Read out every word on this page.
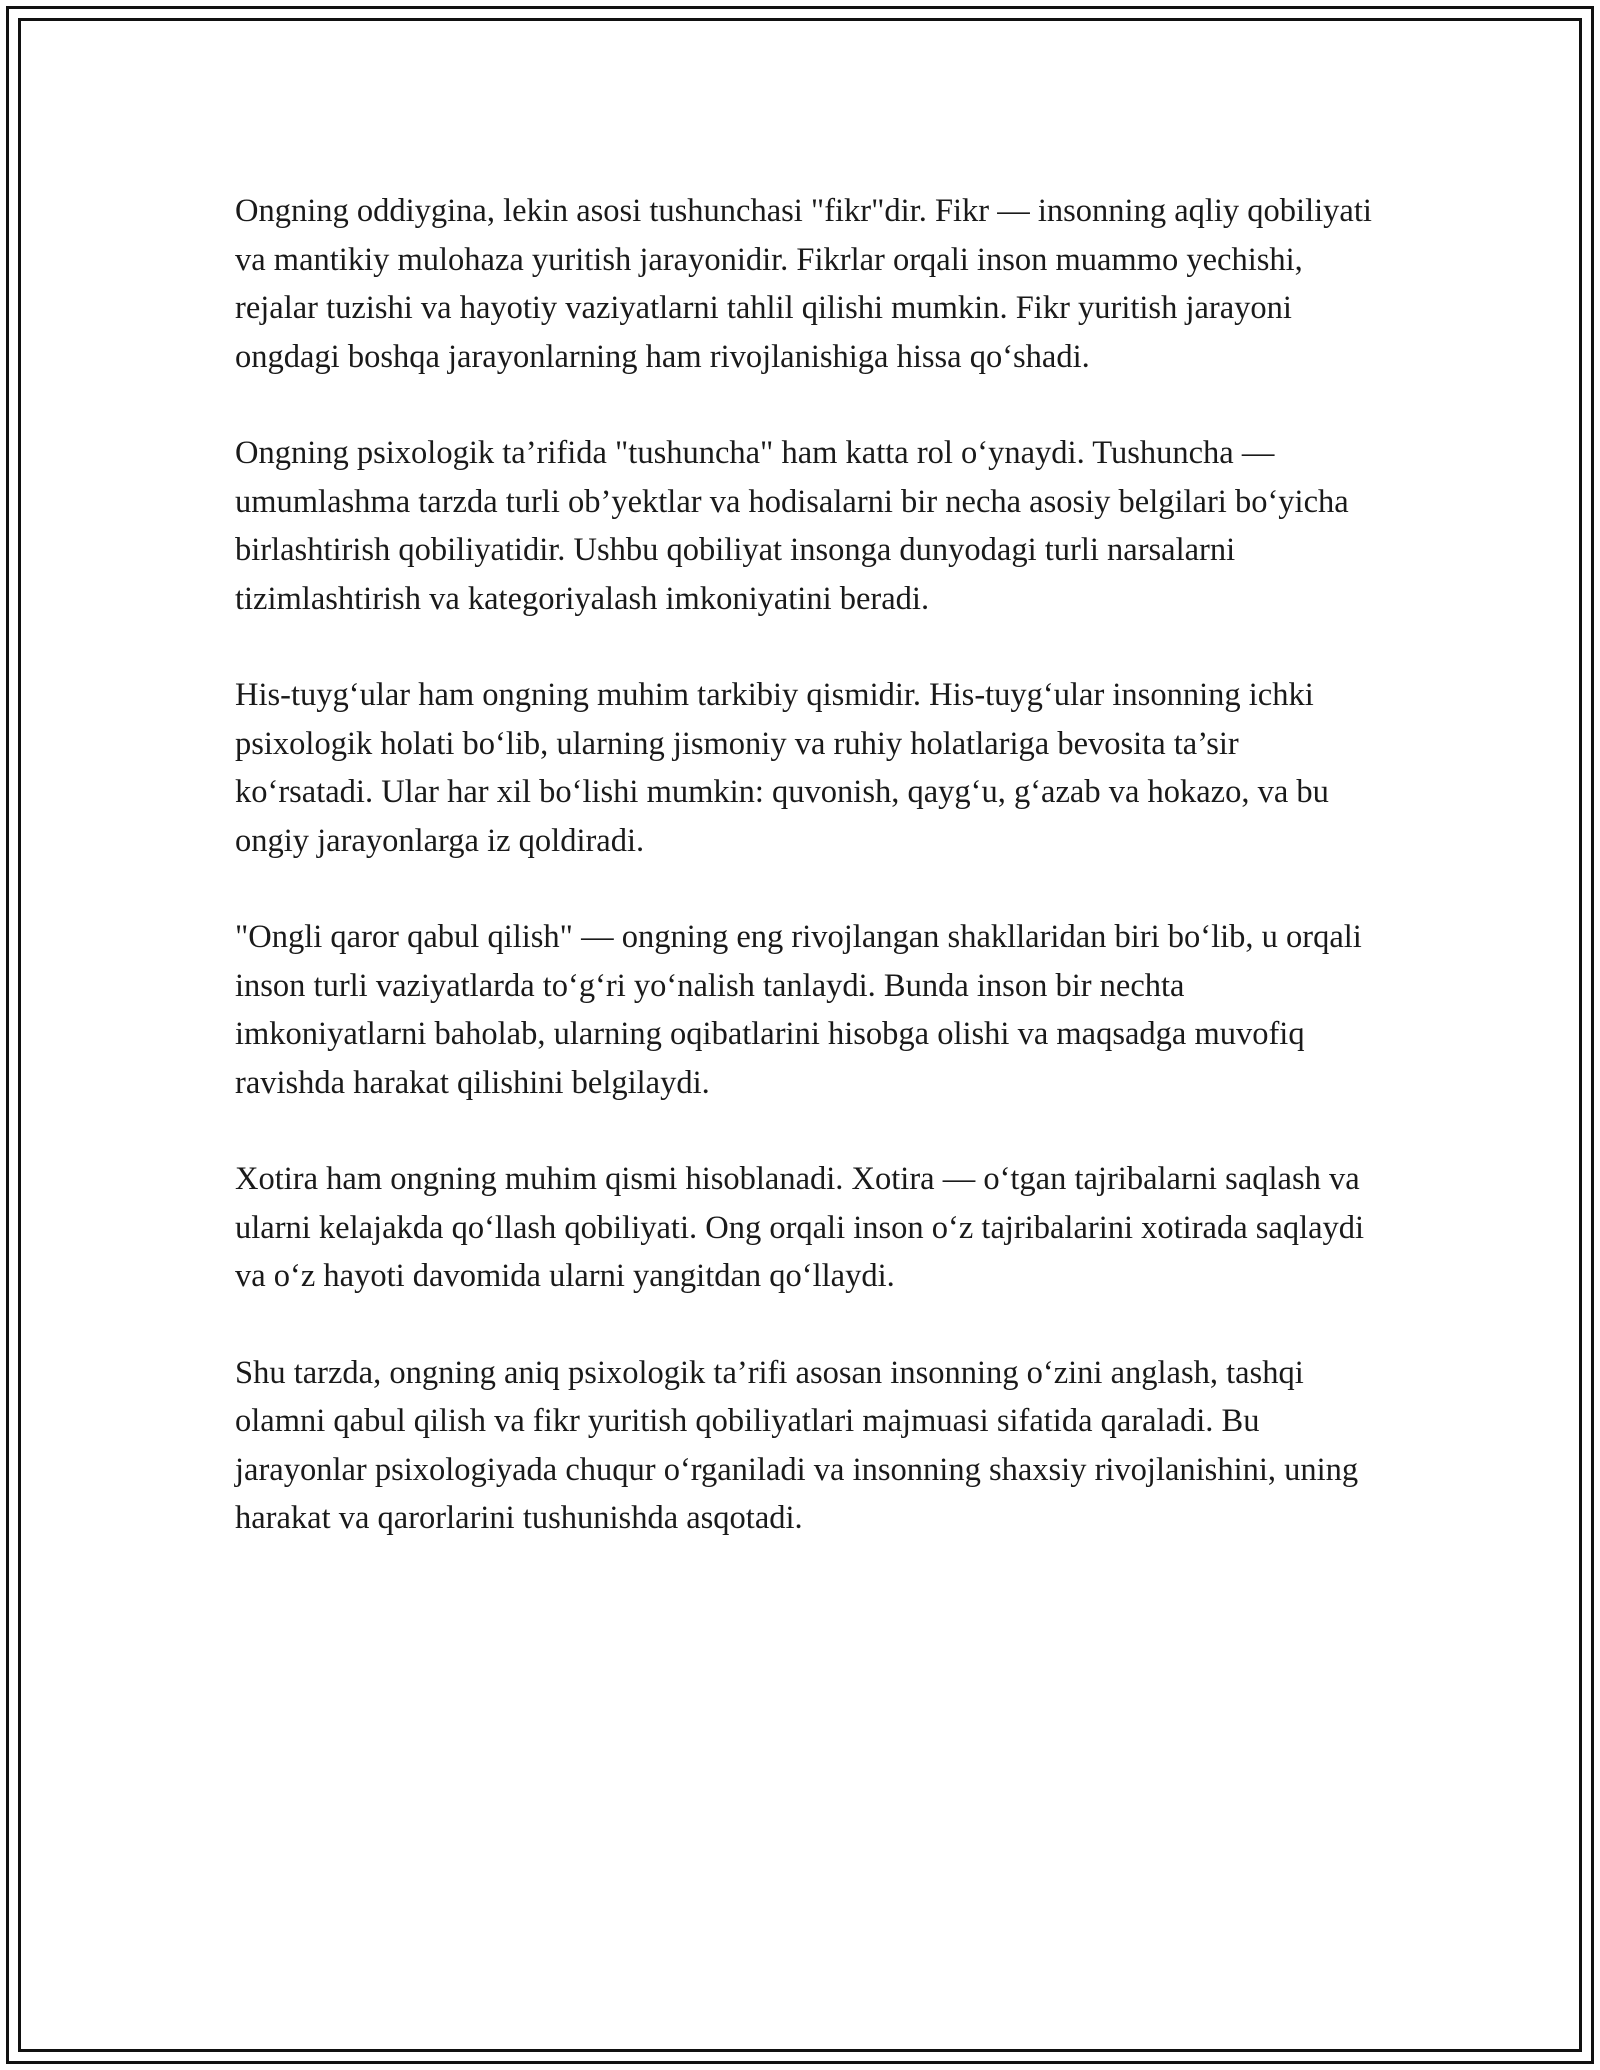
Ongning oddiygina, lekin asosi tushunchasi "fikr"dir. Fikr — insonning aqliy qobiliyati va mantikiy mulohaza yuritish jarayonidir. Fikrlar orqali inson muammo yechishi, rejalar tuzishi va hayotiy vaziyatlarni tahlil qilishi mumkin. Fikr yuritish jarayoni ongdagi boshqa jarayonlarning ham rivojlanishiga hissa qo‘shadi.

Ongning psixologik ta’rifida "tushuncha" ham katta rol o‘ynaydi. Tushuncha — umumlashma tarzda turli ob’yektlar va hodisalarni bir necha asosiy belgilari bo‘yicha birlashtirish qobiliyatidir. Ushbu qobiliyat insonga dunyodagi turli narsalarni tizimlashtirish va kategoriyalash imkoniyatini beradi.

His-tuyg‘ular ham ongning muhim tarkibiy qismidir. His-tuyg‘ular insonning ichki psixologik holati bo‘lib, ularning jismoniy va ruhiy holatlariga bevosita ta’sir ko‘rsatadi. Ular har xil bo‘lishi mumkin: quvonish, qayg‘u, g‘azab va hokazo, va bu ongiy jarayonlarga iz qoldiradi.

"Ongli qaror qabul qilish" — ongning eng rivojlangan shakllaridan biri bo‘lib, u orqali inson turli vaziyatlarda to‘g‘ri yo‘nalish tanlaydi. Bunda inson bir nechta imkoniyatlarni baholab, ularning oqibatlarini hisobga olishi va maqsadga muvofiq ravishda harakat qilishini belgilaydi.

Xotira ham ongning muhim qismi hisoblanadi. Xotira — o‘tgan tajribalarni saqlash va ularni kelajakda qo‘llash qobiliyati. Ong orqali inson o‘z tajribalarini xotirada saqlaydi va o‘z hayoti davomida ularni yangitdan qo‘llaydi.

Shu tarzda, ongning aniq psixologik ta’rifi asosan insonning o‘zini anglash, tashqi olamni qabul qilish va fikr yuritish qobiliyatlari majmuasi sifatida qaraladi. Bu jarayonlar psixologiyada chuqur o‘rganiladi va insonning shaxsiy rivojlanishini, uning harakat va qarorlarini tushunishda asqotadi.
